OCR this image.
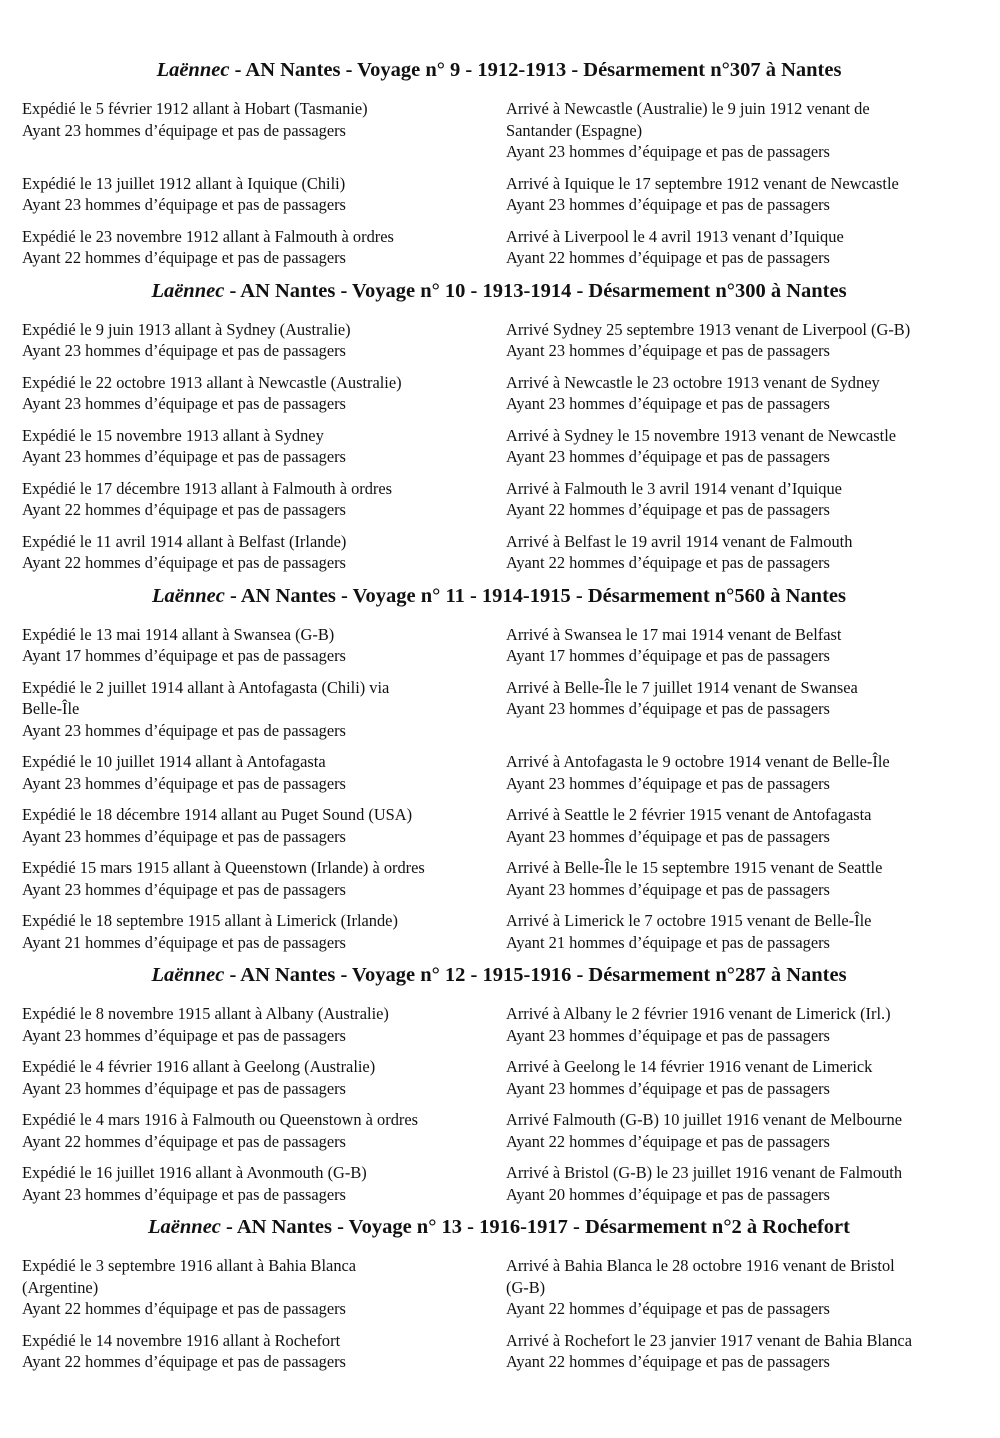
Laënnec - AN Nantes - Voyage n° 9 - 1912-1913 - Désarmement n°307 à Nantes
Expédié le 5 février 1912 allant à Hobart (Tasmanie)
Ayant 23 hommes d’équipage et pas de passagers
Arrivé à Newcastle (Australie) le 9 juin 1912 venant de
Santander (Espagne)
Ayant 23 hommes d’équipage et pas de passagers
Expédié le 13 juillet 1912 allant à Iquique (Chili)
Ayant 23 hommes d’équipage et pas de passagers
Arrivé à Iquique le 17 septembre 1912 venant de Newcastle
Ayant 23 hommes d’équipage et pas de passagers
Expédié le 23 novembre 1912 allant à Falmouth à ordres
Ayant 22 hommes d’équipage et pas de passagers
Arrivé à Liverpool le 4 avril 1913 venant d’Iquique
Ayant 22 hommes d’équipage et pas de passagers
Laënnec - AN Nantes - Voyage n° 10 - 1913-1914 - Désarmement n°300 à Nantes
Expédié le 9 juin 1913 allant à Sydney (Australie)
Ayant 23 hommes d’équipage et pas de passagers
Arrivé Sydney 25 septembre 1913 venant de Liverpool (G-B)
Ayant 23 hommes d’équipage et pas de passagers
Expédié le 22 octobre 1913 allant à Newcastle (Australie)
Ayant 23 hommes d’équipage et pas de passagers
Arrivé à Newcastle le 23 octobre 1913 venant de Sydney
Ayant 23 hommes d’équipage et pas de passagers
Expédié le 15 novembre 1913 allant à Sydney
Ayant 23 hommes d’équipage et pas de passagers
Arrivé à Sydney le 15 novembre 1913 venant de Newcastle
Ayant 23 hommes d’équipage et pas de passagers
Expédié le 17 décembre 1913 allant à Falmouth à ordres
Ayant 22 hommes d’équipage et pas de passagers
Arrivé à Falmouth le 3 avril 1914 venant d’Iquique
Ayant 22 hommes d’équipage et pas de passagers
Expédié le 11 avril 1914 allant à Belfast (Irlande)
Ayant 22 hommes d’équipage et pas de passagers
Arrivé à Belfast le 19 avril 1914 venant de Falmouth
Ayant 22 hommes d’équipage et pas de passagers
Laënnec - AN Nantes - Voyage n° 11 - 1914-1915 - Désarmement n°560 à Nantes
Expédié le 13 mai 1914 allant à Swansea (G-B)
Ayant 17 hommes d’équipage et pas de passagers
Arrivé à Swansea le 17 mai 1914 venant de Belfast
Ayant 17 hommes d’équipage et pas de passagers
Expédié le 2 juillet 1914 allant à Antofagasta (Chili) via
Belle-Île
Ayant 23 hommes d’équipage et pas de passagers
Arrivé à Belle-Île le 7 juillet 1914 venant de Swansea
Ayant 23 hommes d’équipage et pas de passagers
Expédié le 10 juillet 1914 allant à Antofagasta
Ayant 23 hommes d’équipage et pas de passagers
Arrivé à Antofagasta le 9 octobre 1914 venant de Belle-Île
Ayant 23 hommes d’équipage et pas de passagers
Expédié le 18 décembre 1914 allant au Puget Sound (USA)
Ayant 23 hommes d’équipage et pas de passagers
Arrivé à Seattle le 2 février 1915 venant de Antofagasta
Ayant 23 hommes d’équipage et pas de passagers
Expédié 15 mars 1915 allant à Queenstown (Irlande) à ordres
Ayant 23 hommes d’équipage et pas de passagers
Arrivé à Belle-Île le 15 septembre 1915 venant de Seattle
Ayant 23 hommes d’équipage et pas de passagers
Expédié le 18 septembre 1915 allant à Limerick (Irlande)
Ayant 21 hommes d’équipage et pas de passagers
Arrivé à Limerick le 7 octobre 1915 venant de Belle-Île
Ayant 21 hommes d’équipage et pas de passagers
Laënnec - AN Nantes - Voyage n° 12 - 1915-1916 - Désarmement n°287 à Nantes
Expédié le 8 novembre 1915 allant à Albany (Australie)
Ayant 23 hommes d’équipage et pas de passagers
Arrivé à Albany le 2 février 1916 venant de Limerick (Irl.)
Ayant 23 hommes d’équipage et pas de passagers
Expédié le 4 février 1916 allant à Geelong (Australie)
Ayant 23 hommes d’équipage et pas de passagers
Arrivé à Geelong le 14 février 1916 venant de Limerick
Ayant 23 hommes d’équipage et pas de passagers
Expédié le 4 mars 1916 à Falmouth ou Queenstown à ordres
Ayant 22 hommes d’équipage et pas de passagers
Arrivé Falmouth (G-B) 10 juillet 1916 venant de Melbourne
Ayant 22 hommes d’équipage et pas de passagers
Expédié le 16 juillet 1916 allant à Avonmouth (G-B)
Ayant 23 hommes d’équipage et pas de passagers
Arrivé à Bristol (G-B) le 23 juillet 1916 venant de Falmouth
Ayant 20 hommes d’équipage et pas de passagers
Laënnec - AN Nantes - Voyage n° 13 - 1916-1917 - Désarmement n°2 à Rochefort
Expédié le 3 septembre 1916 allant à Bahia Blanca
(Argentine)
Ayant 22 hommes d’équipage et pas de passagers
Arrivé à Bahia Blanca le 28 octobre 1916 venant de Bristol
(G-B)
Ayant 22 hommes d’équipage et pas de passagers
Expédié le 14 novembre 1916 allant à Rochefort
Ayant 22 hommes d’équipage et pas de passagers
Arrivé à Rochefort le 23 janvier 1917 venant de Bahia Blanca
Ayant 22 hommes d’équipage et pas de passagers
